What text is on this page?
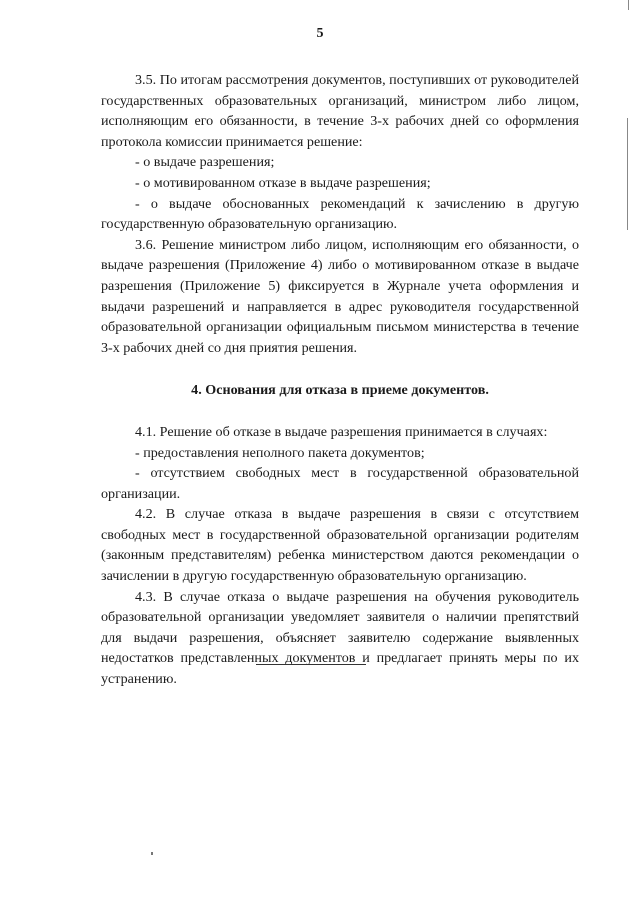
5

3.5. По итогам рассмотрения документов, поступивших от руководителей государственных образовательных организаций, министром либо лицом, исполняющим его обязанности, в течение 3-х рабочих дней со оформления протокола комиссии принимается решение:

- о выдаче разрешения;

- о мотивированном отказе в выдаче разрешения;

- о выдаче обоснованных рекомендаций к зачислению в другую государственную образовательную организацию.

3.6. Решение министром либо лицом, исполняющим его обязанности, о выдаче разрешения (Приложение 4) либо о мотивированном отказе в выдаче разрешения (Приложение 5) фиксируется в Журнале учета оформления и выдачи разрешений и направляется в адрес руководителя государственной образовательной организации официальным письмом министерства в течение 3-х рабочих дней со дня приятия решения.

4. Основания для отказа в приеме документов.

4.1. Решение об отказе в выдаче разрешения принимается в случаях:

- предоставления неполного пакета документов;

- отсутствием свободных мест в государственной образовательной организации.

4.2. В случае отказа в выдаче разрешения в связи с отсутствием свободных мест в государственной образовательной организации родителям (законным представителям) ребенка министерством даются рекомендации о зачислении в другую государственную образовательную организацию.

4.3. В случае отказа о выдаче разрешения на обучения руководитель образовательной организации уведомляет заявителя о наличии препятствий для выдачи разрешения, объясняет заявителю содержание выявленных недостатков представленных документов и предлагает принять меры по их устранению.
